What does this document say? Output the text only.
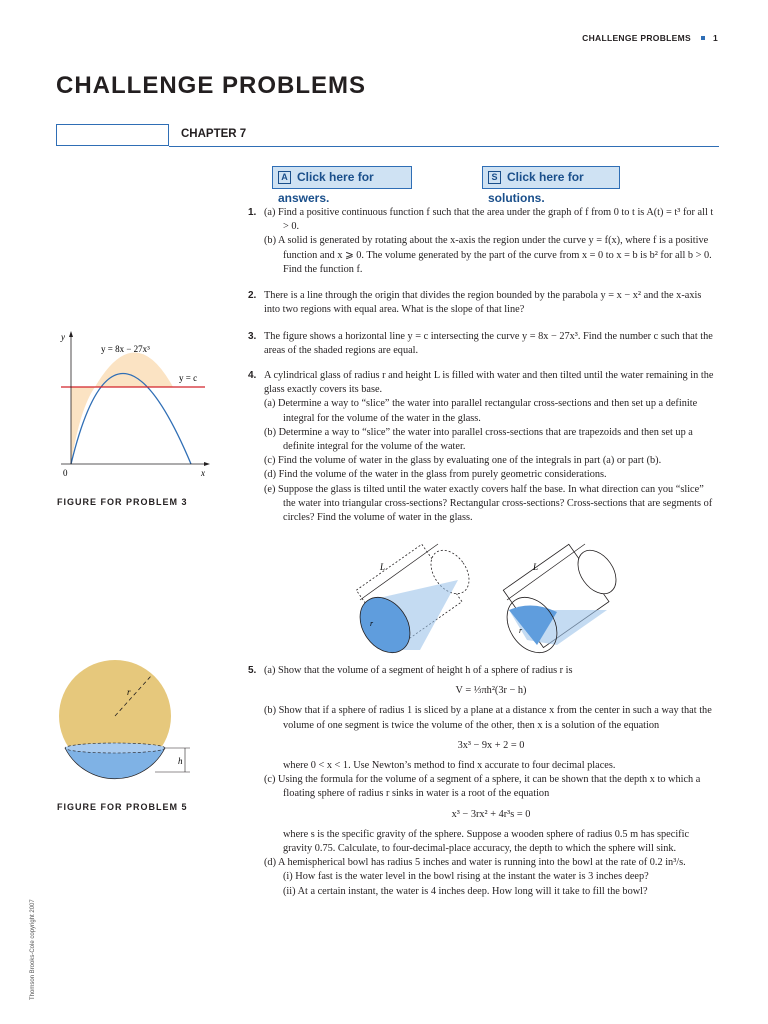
CHALLENGE PROBLEMS	1
CHALLENGE PROBLEMS
CHAPTER 7
A Click here for answers.
S Click here for solutions.
1. (a) Find a positive continuous function f such that the area under the graph of f from 0 to t is A(t) = t³ for all t > 0.
(b) A solid is generated by rotating about the x-axis the region under the curve y = f(x), where f is a positive function and x ⩾ 0. The volume generated by the part of the curve from x = 0 to x = b is b² for all b > 0. Find the function f.
2. There is a line through the origin that divides the region bounded by the parabola y = x − x² and the x-axis into two regions with equal area. What is the slope of that line?
3. The figure shows a horizontal line y = c intersecting the curve y = 8x − 27x³. Find the number c such that the areas of the shaded regions are equal.
4. A cylindrical glass of radius r and height L is filled with water and then tilted until the water remaining in the glass exactly covers its base.
(a) Determine a way to “slice” the water into parallel rectangular cross-sections and then set up a definite integral for the volume of the water in the glass.
(b) Determine a way to “slice” the water into parallel cross-sections that are trapezoids and then set up a definite integral for the volume of the water.
(c) Find the volume of water in the glass by evaluating one of the integrals in part (a) or part (b).
(d) Find the volume of the water in the glass from purely geometric considerations.
(e) Suppose the glass is tilted until the water exactly covers half the base. In what direction can you “slice” the water into triangular cross-sections? Rectangular cross-sections? Cross-sections that are segments of circles? Find the volume of water in the glass.
5. (a) Show that the volume of a segment of height h of a sphere of radius r is
V = ⅓πh²(3r − h)
(b) Show that if a sphere of radius 1 is sliced by a plane at a distance x from the center in such a way that the volume of one segment is twice the volume of the other, then x is a solution of the equation
3x³ − 9x + 2 = 0
where 0 < x < 1. Use Newton’s method to find x accurate to four decimal places.
(c) Using the formula for the volume of a segment of a sphere, it can be shown that the depth x to which a floating sphere of radius r sinks in water is a root of the equation
x³ − 3rx² + 4r³s = 0
where s is the specific gravity of the sphere. Suppose a wooden sphere of radius 0.5 m has specific gravity 0.75. Calculate, to four-decimal-place accuracy, the depth to which the sphere will sink.
(d) A hemispherical bowl has radius 5 inches and water is running into the bowl at the rate of 0.2 in³/s.
(i) How fast is the water level in the bowl rising at the instant the water is 3 inches deep?
(ii) At a certain instant, the water is 4 inches deep. How long will it take to fill the bowl?
y
x
0
y = 8x − 27x³
y = c
FIGURE FOR PROBLEM 3
L
r
L
r
r
h
FIGURE FOR PROBLEM 5
Thomson Brooks-Cole copyright 2007
